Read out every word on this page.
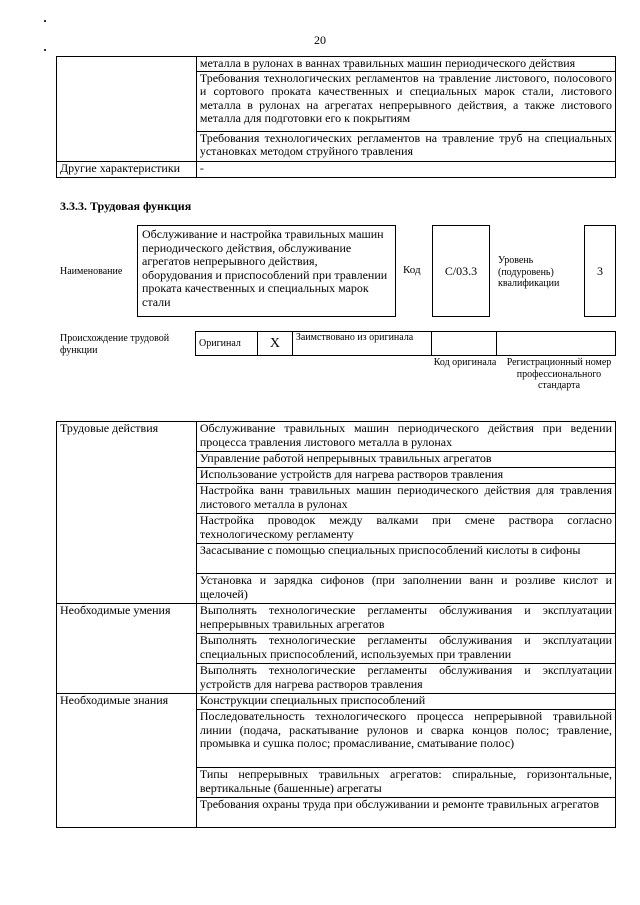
20
	металла в рулонах в ваннах травильных машин периодического действия
	Требования технологических регламентов на травление листового, полосового и сортового проката качественных и специальных марок стали, листового металла в рулонах на агрегатах непрерывного действия, а также листового металла для подготовки его к покрытиям
	Требования технологических регламентов на травление труб на специальных установках методом струйного травления
Другие характеристики	-
3.3.3. Трудовая функция
Наименование
Обслуживание и настройка травильных машин периодического действия, обслуживание агрегатов непрерывного действия, оборудования и приспособлений при травлении проката качественных и специальных марок стали
Код	C/03.3
Уровень (подуровень) квалификации
3
Происхождение трудовой функции
Оригинал	X	Заимствовано из оригинала		
Код оригинала	Регистрационный номер профессионального стандарта
Трудовые действия	Обслуживание травильных машин периодического действия при ведении процесса травления листового металла в рулонах
	Управление работой непрерывных травильных агрегатов
	Использование устройств для нагрева растворов травления
	Настройка ванн травильных машин периодического действия для травления листового металла в рулонах
	Настройка проводок между валками при смене раствора согласно технологическому регламенту
	Засасывание с помощью специальных приспособлений кислоты в сифоны
	Установка и зарядка сифонов (при заполнении ванн и розливе кислот и щелочей)
Необходимые умения	Выполнять технологические регламенты обслуживания и эксплуатации непрерывных травильных агрегатов
	Выполнять технологические регламенты обслуживания и эксплуатации специальных приспособлений, используемых при травлении
	Выполнять технологические регламенты обслуживания и эксплуатации устройств для нагрева растворов травления
Необходимые знания	Конструкции специальных приспособлений
	Последовательность технологического процесса непрерывной травильной линии (подача, раскатывание рулонов и сварка концов полос; травление, промывка и сушка полос; промасливание, сматывание полос)
	Типы непрерывных травильных агрегатов: спиральные, горизонтальные, вертикальные (башенные) агрегаты
	Требования охраны труда при обслуживании и ремонте травильных агрегатов
